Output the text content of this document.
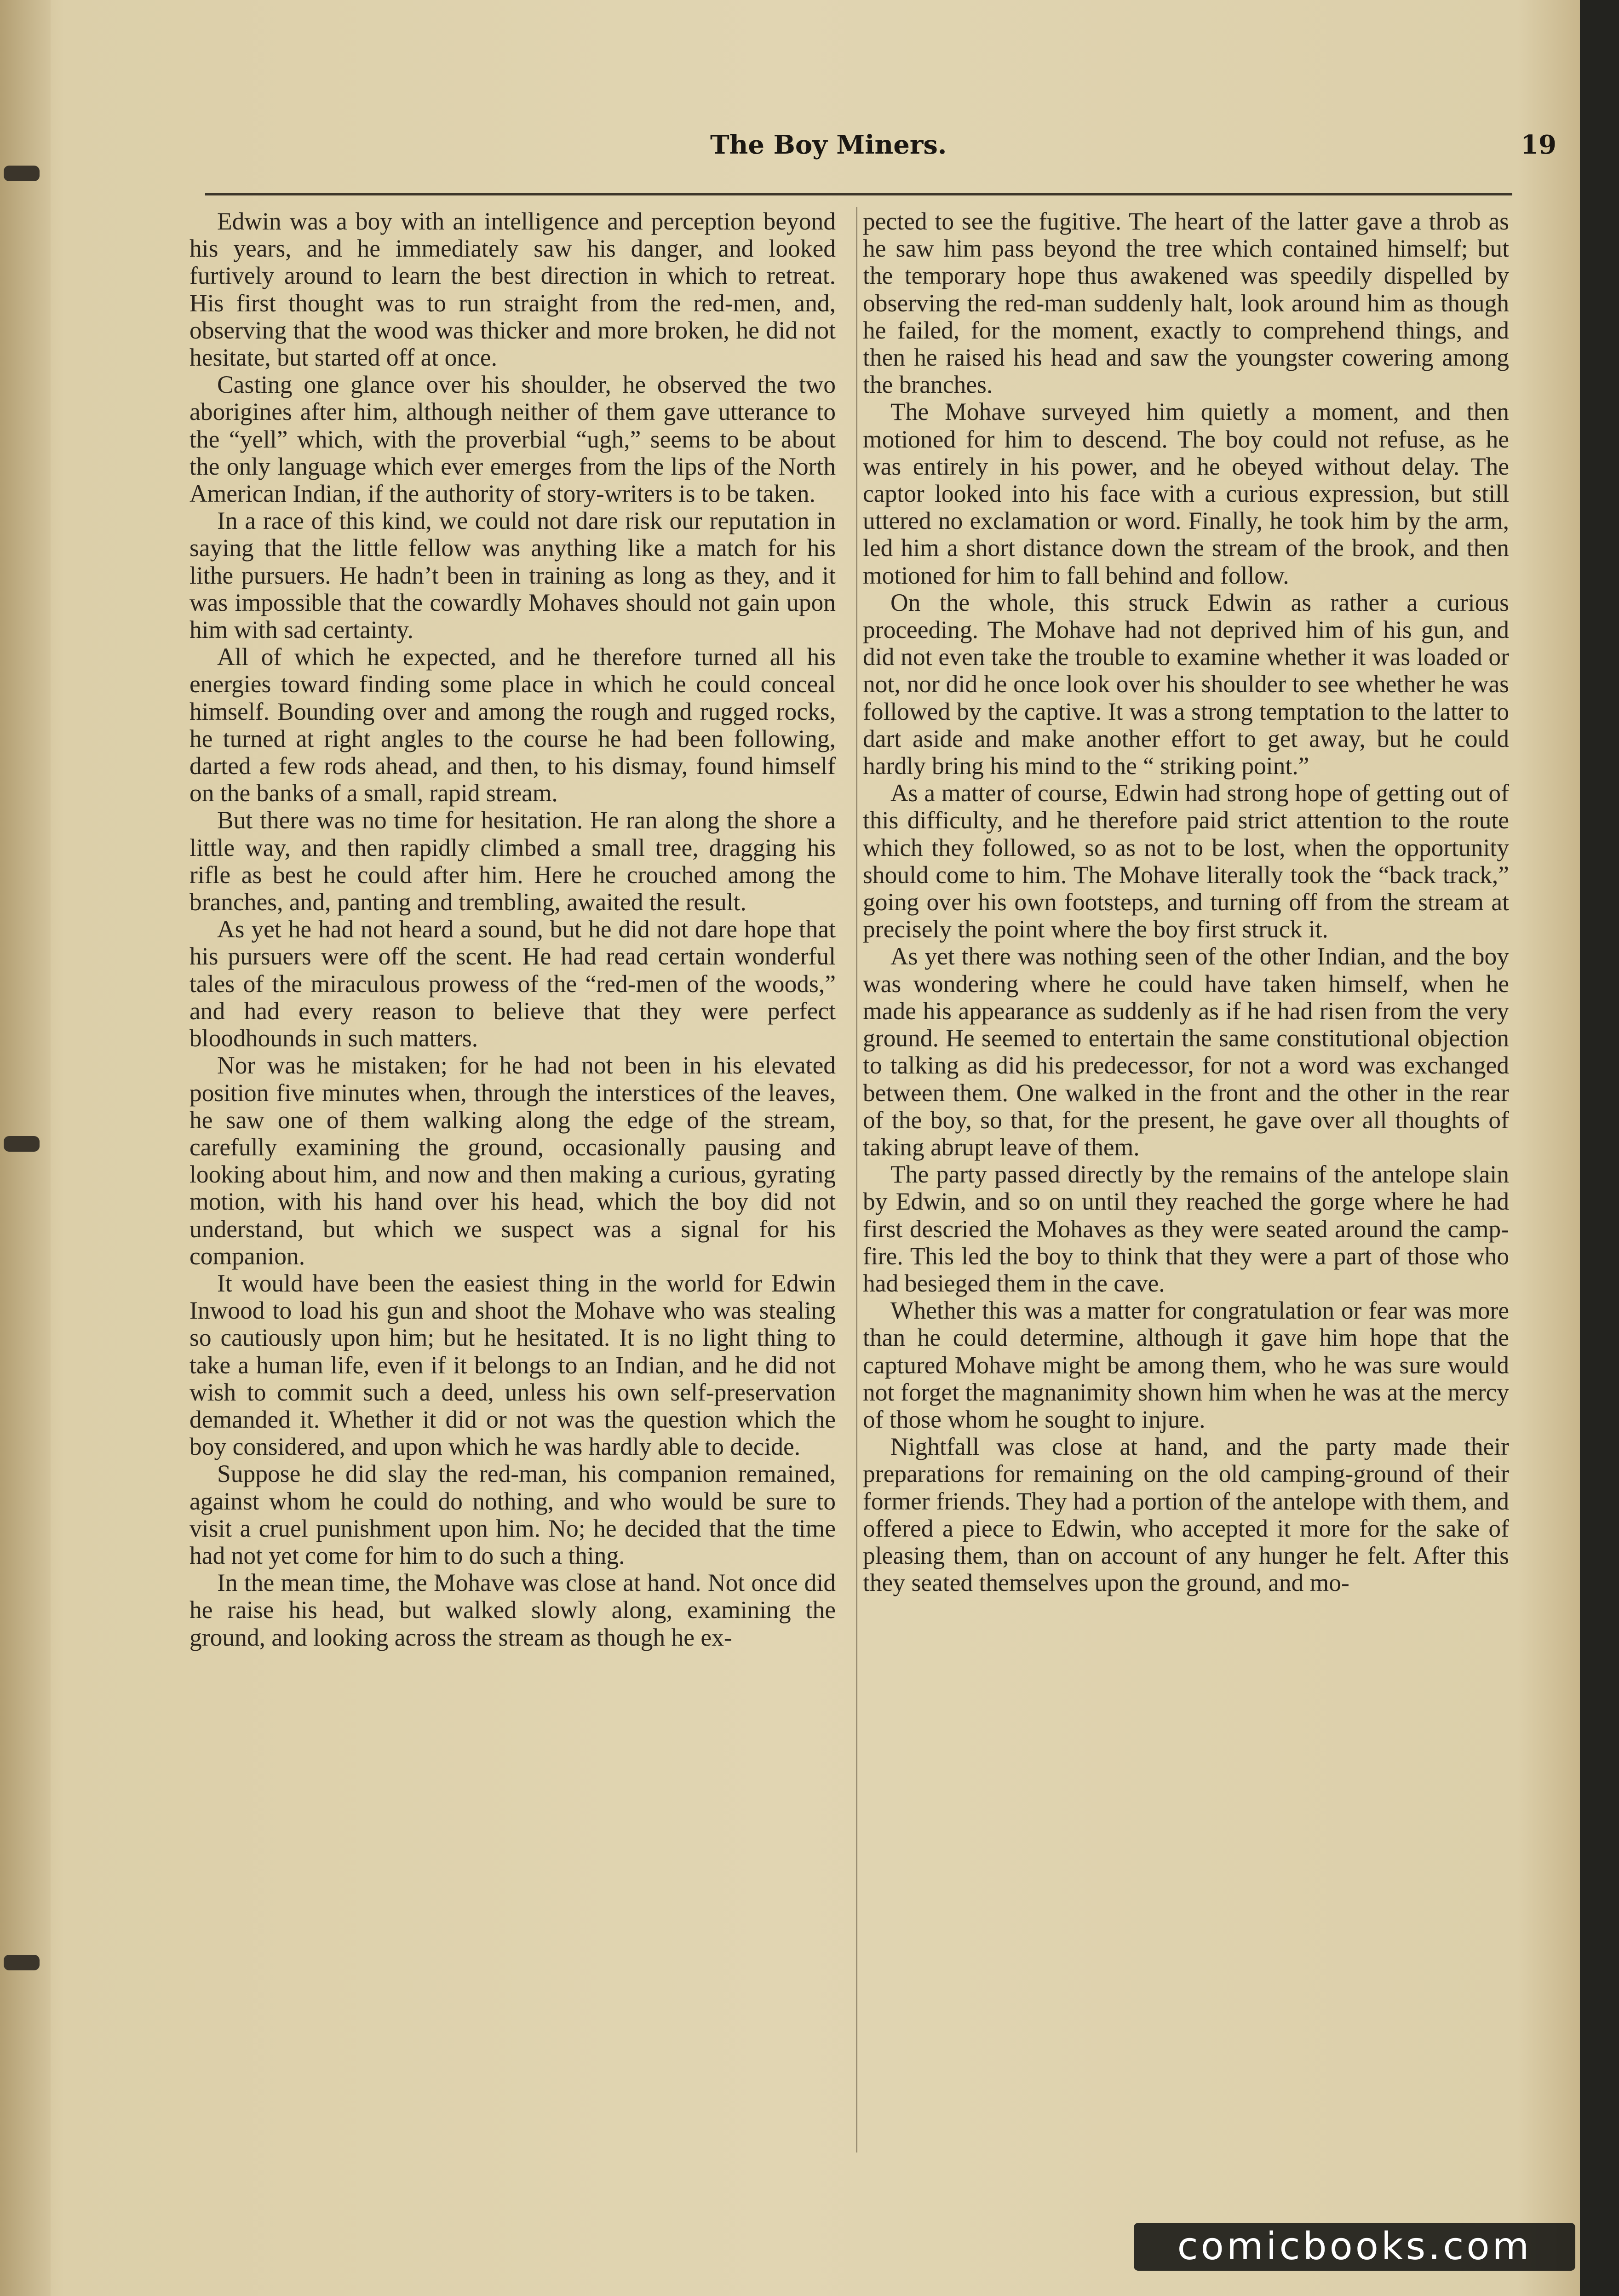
The Boy Miners.	19

Edwin was a boy with an intelligence and perception beyond his years, and he immediately saw his danger, and looked furtively around to learn the best direction in which to retreat. His first thought was to run straight from the red-men, and, observing that the wood was thicker and more broken, he did not hesitate, but started off at once.

Casting one glance over his shoulder, he observed the two aborigines after him, although neither of them gave utterance to the “yell” which, with the proverbial “ugh,” seems to be about the only language which ever emerges from the lips of the North American Indian, if the authority of story-writers is to be taken.

In a race of this kind, we could not dare risk our reputation in saying that the little fellow was anything like a match for his lithe pursuers. He hadn’t been in training as long as they, and it was impossible that the cowardly Mohaves should not gain upon him with sad certainty.

All of which he expected, and he therefore turned all his energies toward finding some place in which he could conceal himself. Bounding over and among the rough and rugged rocks, he turned at right angles to the course he had been following, darted a few rods ahead, and then, to his dismay, found himself on the banks of a small, rapid stream.

But there was no time for hesitation. He ran along the shore a little way, and then rapidly climbed a small tree, dragging his rifle as best he could after him. Here he crouched among the branches, and, panting and trembling, awaited the result.

As yet he had not heard a sound, but he did not dare hope that his pursuers were off the scent. He had read certain wonderful tales of the miraculous prowess of the “red-men of the woods,” and had every reason to believe that they were perfect bloodhounds in such matters.

Nor was he mistaken; for he had not been in his elevated position five minutes when, through the interstices of the leaves, he saw one of them walking along the edge of the stream, carefully examining the ground, occasionally pausing and looking about him, and now and then making a curious, gyrating motion, with his hand over his head, which the boy did not understand, but which we suspect was a signal for his companion.

It would have been the easiest thing in the world for Edwin Inwood to load his gun and shoot the Mohave who was stealing so cautiously upon him; but he hesitated. It is no light thing to take a human life, even if it belongs to an Indian, and he did not wish to commit such a deed, unless his own self-preservation demanded it. Whether it did or not was the question which the boy considered, and upon which he was hardly able to decide.

Suppose he did slay the red-man, his companion remained, against whom he could do nothing, and who would be sure to visit a cruel punishment upon him. No; he decided that the time had not yet come for him to do such a thing.

In the mean time, the Mohave was close at hand. Not once did he raise his head, but walked slowly along, examining the ground, and looking across the stream as though he ex-

pected to see the fugitive. The heart of the latter gave a throb as he saw him pass beyond the tree which contained himself; but the temporary hope thus awakened was speedily dispelled by observing the red-man suddenly halt, look around him as though he failed, for the moment, exactly to comprehend things, and then he raised his head and saw the youngster cowering among the branches.

The Mohave surveyed him quietly a moment, and then motioned for him to descend. The boy could not refuse, as he was entirely in his power, and he obeyed without delay. The captor looked into his face with a curious expression, but still uttered no exclamation or word. Finally, he took him by the arm, led him a short distance down the stream of the brook, and then motioned for him to fall behind and follow.

On the whole, this struck Edwin as rather a curious proceeding. The Mohave had not deprived him of his gun, and did not even take the trouble to examine whether it was loaded or not, nor did he once look over his shoulder to see whether he was followed by the captive. It was a strong temptation to the latter to dart aside and make another effort to get away, but he could hardly bring his mind to the “ striking point.”

As a matter of course, Edwin had strong hope of getting out of this difficulty, and he therefore paid strict attention to the route which they followed, so as not to be lost, when the opportunity should come to him. The Mohave literally took the “back track,” going over his own footsteps, and turning off from the stream at precisely the point where the boy first struck it.

As yet there was nothing seen of the other Indian, and the boy was wondering where he could have taken himself, when he made his appearance as suddenly as if he had risen from the very ground. He seemed to entertain the same constitutional objection to talking as did his predecessor, for not a word was exchanged between them. One walked in the front and the other in the rear of the boy, so that, for the present, he gave over all thoughts of taking abrupt leave of them.

The party passed directly by the remains of the antelope slain by Edwin, and so on until they reached the gorge where he had first descried the Mohaves as they were seated around the camp-fire. This led the boy to think that they were a part of those who had besieged them in the cave.

Whether this was a matter for congratulation or fear was more than he could determine, although it gave him hope that the captured Mohave might be among them, who he was sure would not forget the magnanimity shown him when he was at the mercy of those whom he sought to injure.

Nightfall was close at hand, and the party made their preparations for remaining on the old camping-ground of their former friends. They had a portion of the antelope with them, and offered a piece to Edwin, who accepted it more for the sake of pleasing them, than on account of any hunger he felt. After this they seated themselves upon the ground, and mo-

comicbooks.com
